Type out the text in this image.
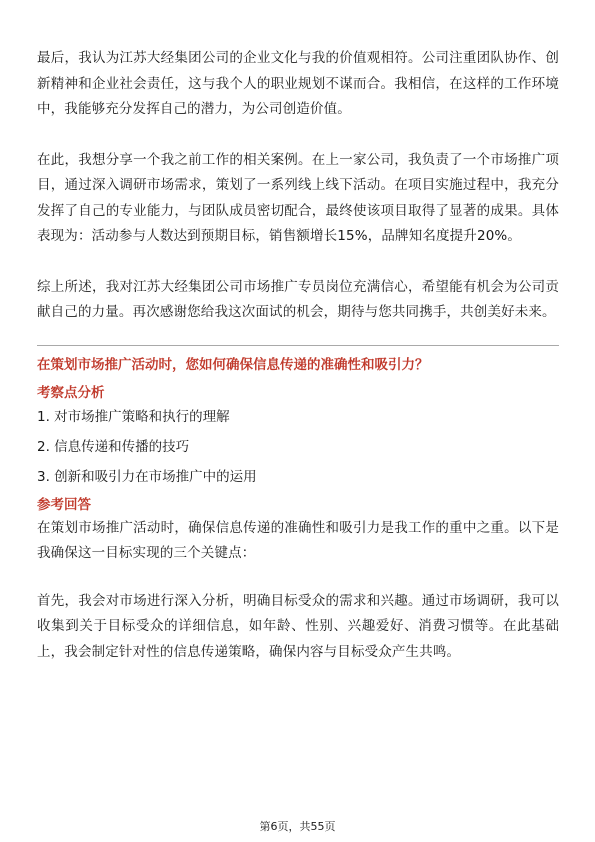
最后，我认为江苏大经集团公司的企业文化与我的价值观相符。公司注重团队协作、创新精神和企业社会责任，这与我个人的职业规划不谋而合。我相信，在这样的工作环境中，我能够充分发挥自己的潜力，为公司创造价值。

在此，我想分享一个我之前工作的相关案例。在上一家公司，我负责了一个市场推广项目，通过深入调研市场需求，策划了一系列线上线下活动。在项目实施过程中，我充分发挥了自己的专业能力，与团队成员密切配合，最终使该项目取得了显著的成果。具体表现为：活动参与人数达到预期目标，销售额增长15%，品牌知名度提升20%。

综上所述，我对江苏大经集团公司市场推广专员岗位充满信心，希望能有机会为公司贡献自己的力量。再次感谢您给我这次面试的机会，期待与您共同携手，共创美好未来。

在策划市场推广活动时，您如何确保信息传递的准确性和吸引力？

考察点分析

1. 对市场推广策略和执行的理解
2. 信息传递和传播的技巧
3. 创新和吸引力在市场推广中的运用

参考回答

在策划市场推广活动时，确保信息传递的准确性和吸引力是我工作的重中之重。以下是我确保这一目标实现的三个关键点：

首先，我会对市场进行深入分析，明确目标受众的需求和兴趣。通过市场调研，我可以收集到关于目标受众的详细信息，如年龄、性别、兴趣爱好、消费习惯等。在此基础上，我会制定针对性的信息传递策略，确保内容与目标受众产生共鸣。

第6页，共55页
